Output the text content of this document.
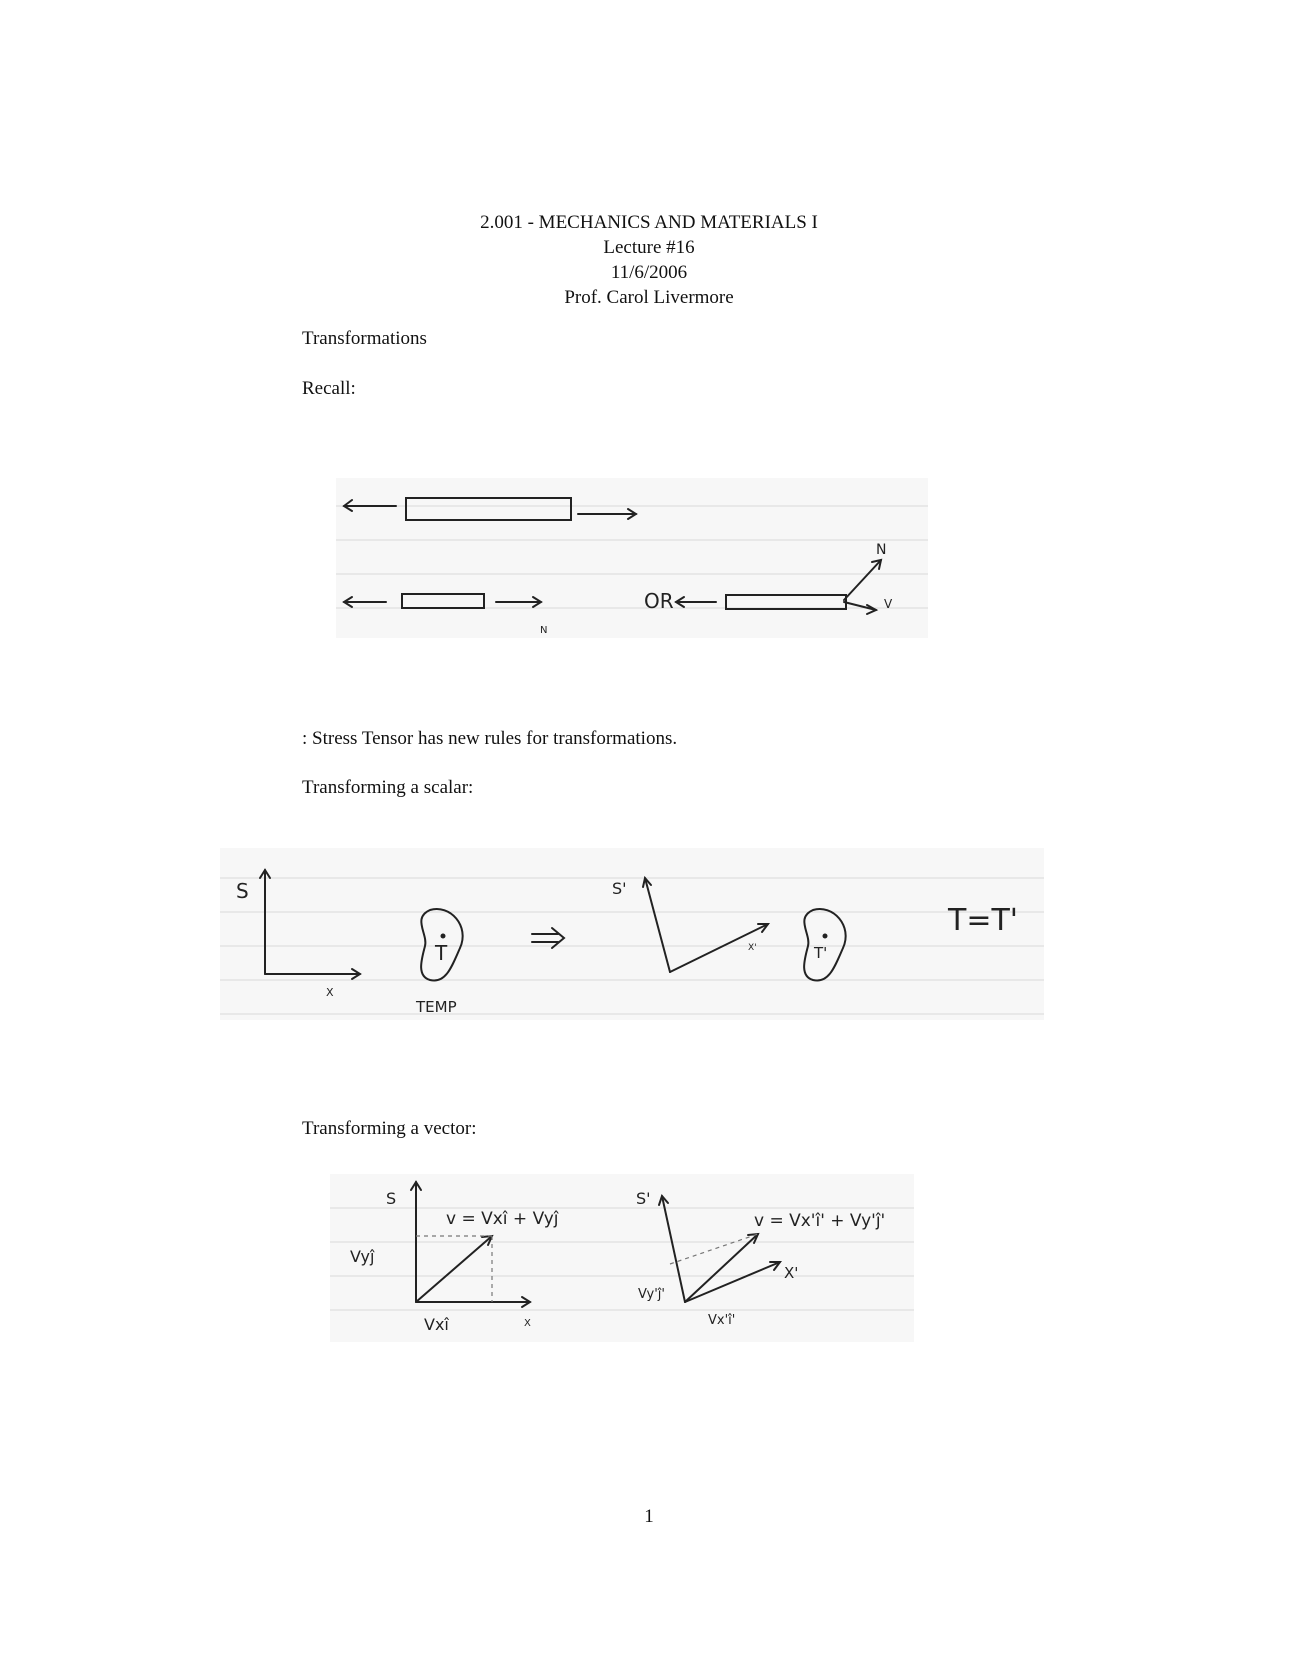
2.001 - MECHANICS AND MATERIALS I
Lecture #16
11/6/2006
Prof. Carol Livermore
Transformations
Recall:
OR
N
N
V
: Stress Tensor has new rules for transformations.
Transforming a scalar:
S
X
T
TEMP
S'
X'	T'
T=T'
Transforming a vector:
S
X
v = Vxî + Vyĵ
Vyĵ
Vxî
S'
X'
v = Vx'î' + Vy'ĵ'
Vy'ĵ'
Vx'î'
1
